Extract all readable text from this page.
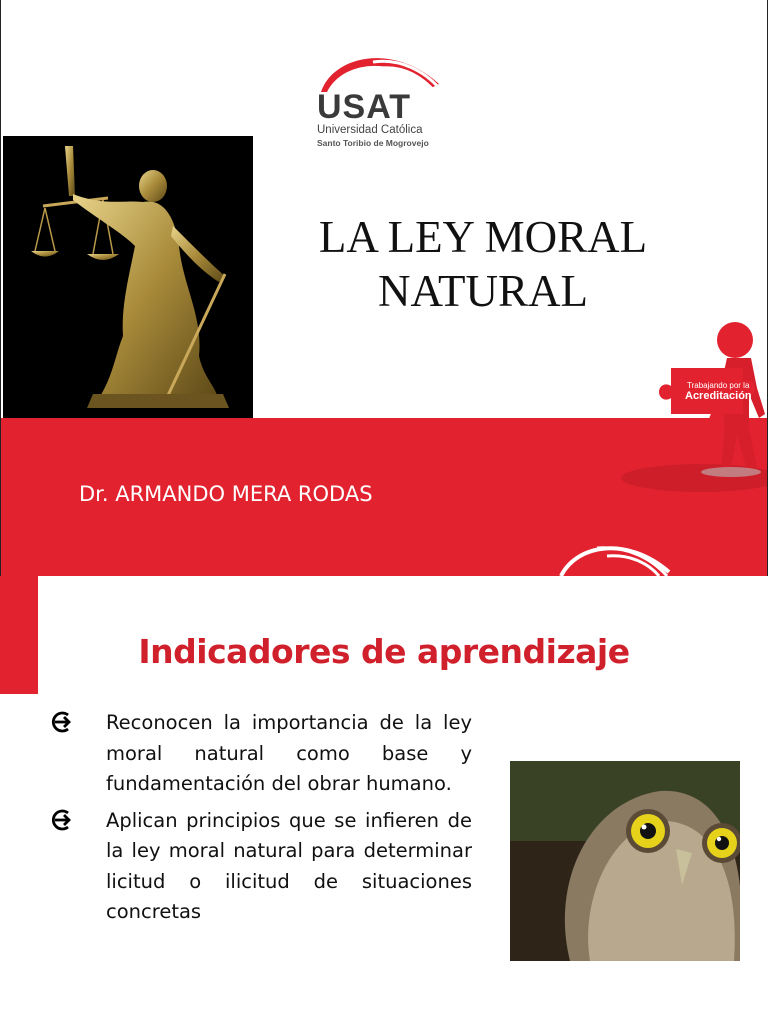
USAT
Universidad Católica
Santo Toribio de Mogrovejo
LA LEY MORAL
NATURAL
Dr. ARMANDO MERA RODAS
Trabajando por la
Acreditación
Indicadores de aprendizaje
Reconocen la importancia de la ley moral natural como base y fundamentación del obrar humano.
Aplican principios que se infieren de la ley moral natural para determinar licitud o ilicitud de situaciones concretas
